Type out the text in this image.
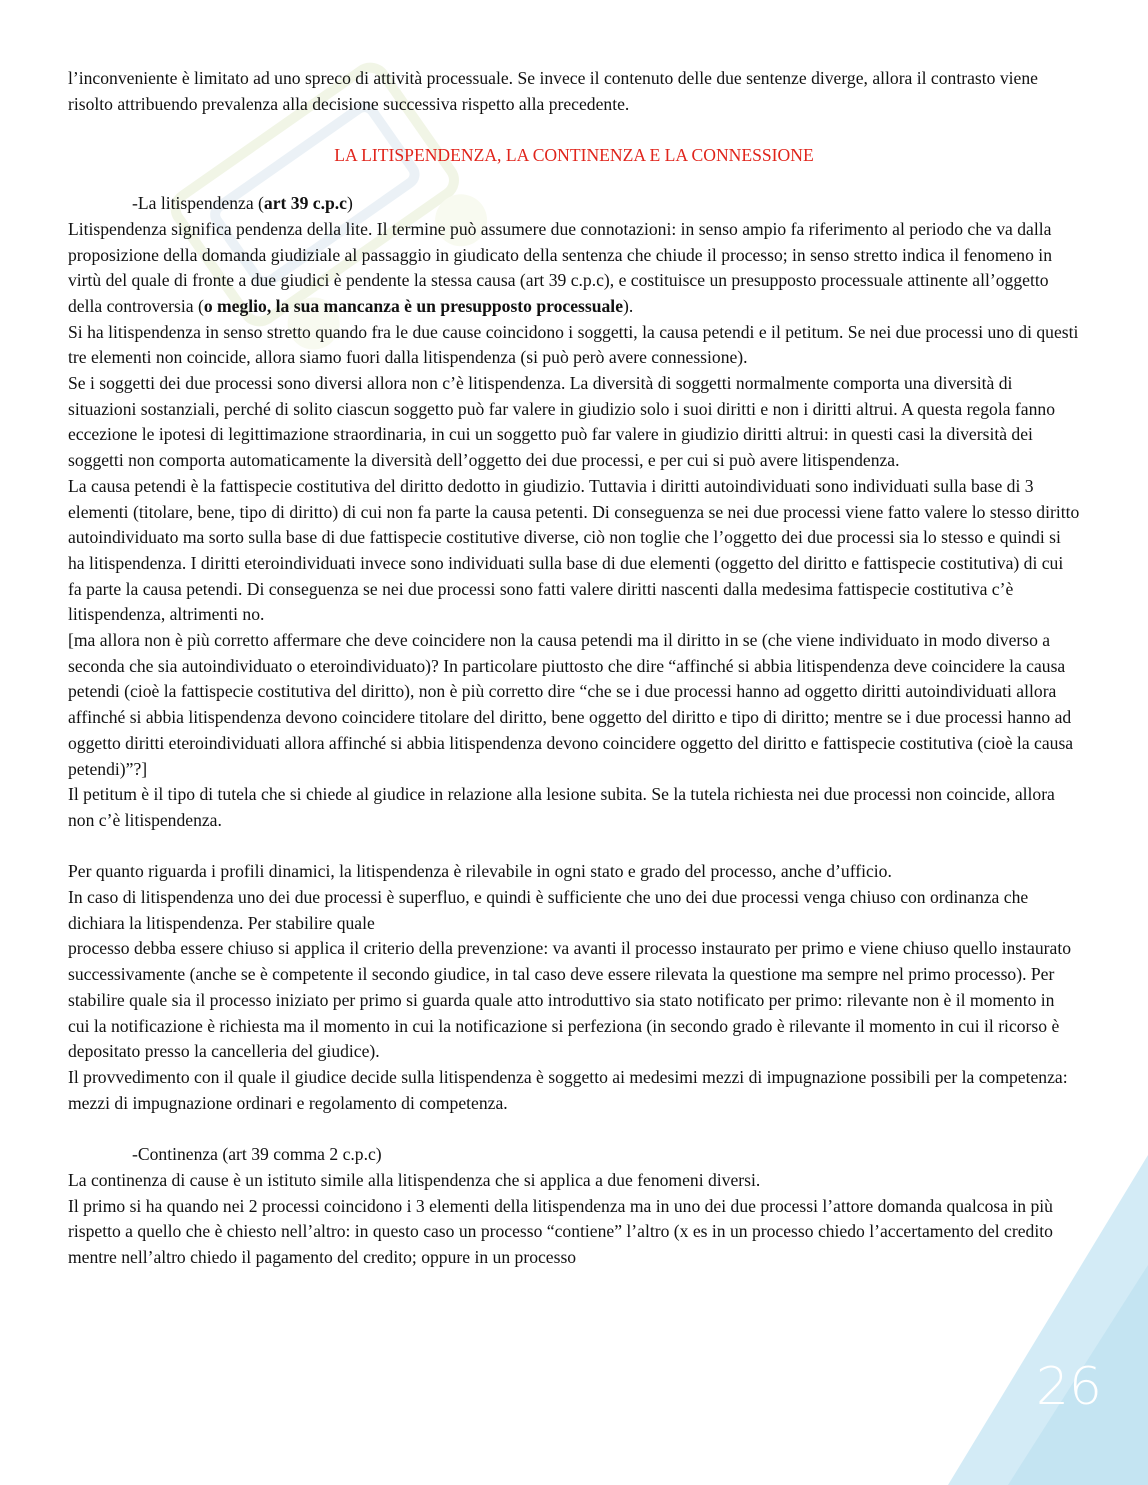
l’inconveniente è limitato ad uno spreco di attività processuale. Se invece il contenuto delle due sentenze diverge, allora il contrasto viene risolto attribuendo prevalenza alla decisione successiva rispetto alla precedente.

LA LITISPENDENZA, LA CONTINENZA E LA CONNESSIONE

-La litispendenza (art 39 c.p.c)

Litispendenza significa pendenza della lite. Il termine può assumere due connotazioni: in senso ampio fa riferimento al periodo che va dalla proposizione della domanda giudiziale al passaggio in giudicato della sentenza che chiude il processo; in senso stretto indica il fenomeno in virtù del quale di fronte a due giudici è pendente la stessa causa (art 39 c.p.c), e costituisce un presupposto processuale attinente all’oggetto della controversia (o meglio, la sua mancanza è un presupposto processuale).

Si ha litispendenza in senso stretto quando fra le due cause coincidono i soggetti, la causa petendi e il petitum. Se nei due processi uno di questi tre elementi non coincide, allora siamo fuori dalla litispendenza (si può però avere connessione).

Se i soggetti dei due processi sono diversi allora non c’è litispendenza. La diversità di soggetti normalmente comporta una diversità di situazioni sostanziali, perché di solito ciascun soggetto può far valere in giudizio solo i suoi diritti e non i diritti altrui. A questa regola fanno eccezione le ipotesi di legittimazione straordinaria, in cui un soggetto può far valere in giudizio diritti altrui: in questi casi la diversità dei soggetti non comporta automaticamente la diversità dell’oggetto dei due processi, e per cui si può avere litispendenza.

La causa petendi è la fattispecie costitutiva del diritto dedotto in giudizio. Tuttavia i diritti autoindividuati sono individuati sulla base di 3 elementi (titolare, bene, tipo di diritto) di cui non fa parte la causa petenti. Di conseguenza se nei due processi viene fatto valere lo stesso diritto autoindividuato ma sorto sulla base di due fattispecie costitutive diverse, ciò non toglie che l’oggetto dei due processi sia lo stesso e quindi si ha litispendenza. I diritti eteroindividuati invece sono individuati sulla base di due elementi (oggetto del diritto e fattispecie costitutiva) di cui fa parte la causa petendi. Di conseguenza se nei due processi sono fatti valere diritti nascenti dalla medesima fattispecie costitutiva c’è litispendenza, altrimenti no.

[ma allora non è più corretto affermare che deve coincidere non la causa petendi ma il diritto in se (che viene individuato in modo diverso a seconda che sia autoindividuato o eteroindividuato)? In particolare piuttosto che dire “affinché si abbia litispendenza deve coincidere la causa petendi (cioè la fattispecie costitutiva del diritto), non è più corretto dire “che se i due processi hanno ad oggetto diritti autoindividuati allora affinché si abbia litispendenza devono coincidere titolare del diritto, bene oggetto del diritto e tipo di diritto; mentre se i due processi hanno ad oggetto diritti eteroindividuati allora affinché si abbia litispendenza devono coincidere oggetto del diritto e fattispecie costitutiva (cioè la causa petendi)”?]

Il petitum è il tipo di tutela che si chiede al giudice in relazione alla lesione subita. Se la tutela richiesta nei due processi non coincide, allora non c’è litispendenza.

Per quanto riguarda i profili dinamici, la litispendenza è rilevabile in ogni stato e grado del processo, anche d’ufficio.

In caso di litispendenza uno dei due processi è superfluo, e quindi è sufficiente che uno dei due processi venga chiuso con ordinanza che dichiara la litispendenza. Per stabilire quale

processo debba essere chiuso si applica il criterio della prevenzione: va avanti il processo instaurato per primo e viene chiuso quello instaurato successivamente (anche se è competente il secondo giudice, in tal caso deve essere rilevata la questione ma sempre nel primo processo). Per stabilire quale sia il processo iniziato per primo si guarda quale atto introduttivo sia stato notificato per primo: rilevante non è il momento in cui la notificazione è richiesta ma il momento in cui la notificazione si perfeziona (in secondo grado è rilevante il momento in cui il ricorso è depositato presso la cancelleria del giudice).

Il provvedimento con il quale il giudice decide sulla litispendenza è soggetto ai medesimi mezzi di impugnazione possibili per la competenza: mezzi di impugnazione ordinari e regolamento di competenza.

-Continenza (art 39 comma 2 c.p.c)

La continenza di cause è un istituto simile alla litispendenza che si applica a due fenomeni diversi.

Il primo si ha quando nei 2 processi coincidono i 3 elementi della litispendenza ma in uno dei due processi l’attore domanda qualcosa in più rispetto a quello che è chiesto nell’altro: in questo caso un processo “contiene” l’altro (x es in un processo chiedo l’accertamento del credito mentre nell’altro chiedo il pagamento del credito; oppure in un processo

26
